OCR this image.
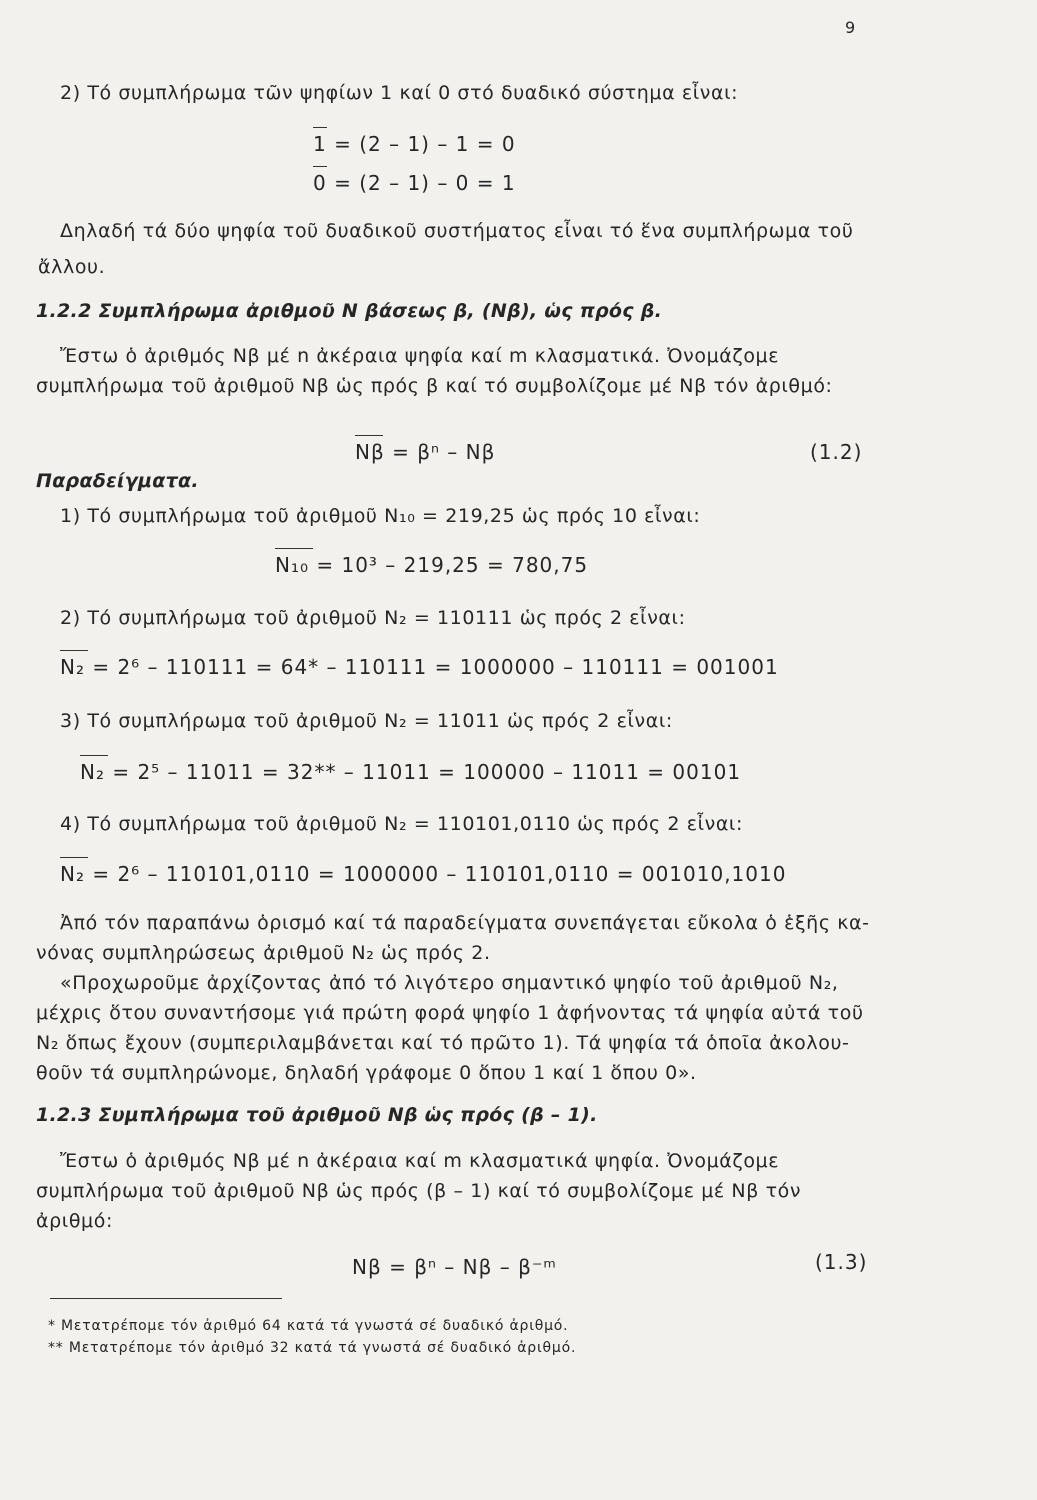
9
2) Τό συμπλήρωμα τῶν ψηφίων 1 καί 0 στό δυαδικό σύστημα εἶναι:
1 = (2 – 1) – 1 = 0
0 = (2 – 1) – 0 = 1
Δηλαδή τά δύο ψηφία τοῦ δυαδικοῦ συστήματος εἶναι τό ἕνα συμπλήρωμα τοῦ
ἄλλου.
1.2.2 Συμπλήρωμα ἀριθμοῦ N βάσεως β, (Nβ), ὡς πρός β.
Ἔστω ὁ ἀριθμός Nβ μέ n ἀκέραια ψηφία καί m κλασματικά. Ὀνομάζομε
συμπλήρωμα τοῦ ἀριθμοῦ Nβ ὡς πρός β καί τό συμβολίζομε μέ Nβ τόν ἀριθμό:
Nβ = βⁿ – Nβ	(1.2)
Παραδείγματα.
1) Τό συμπλήρωμα τοῦ ἀριθμοῦ N₁₀ = 219,25 ὡς πρός 10 εἶναι:
N₁₀ = 10³ – 219,25 = 780,75
2) Τό συμπλήρωμα τοῦ ἀριθμοῦ N₂ = 110111 ὡς πρός 2 εἶναι:
N₂ = 2⁶ – 110111 = 64* – 110111 = 1000000 – 110111 = 001001
3) Τό συμπλήρωμα τοῦ ἀριθμοῦ N₂ = 11011 ὡς πρός 2 εἶναι:
N₂ = 2⁵ – 11011 = 32** – 11011 = 100000 – 11011 = 00101
4) Τό συμπλήρωμα τοῦ ἀριθμοῦ N₂ = 110101,0110 ὡς πρός 2 εἶναι:
N₂ = 2⁶ – 110101,0110 = 1000000 – 110101,0110 = 001010,1010
Ἀπό τόν παραπάνω ὁρισμό καί τά παραδείγματα συνεπάγεται εὔκολα ὁ ἑξῆς κα-
νόνας συμπληρώσεως ἀριθμοῦ N₂ ὡς πρός 2.
«Προχωροῦμε ἀρχίζοντας ἀπό τό λιγότερο σημαντικό ψηφίο τοῦ ἀριθμοῦ N₂,
μέχρις ὅτου συναντήσομε γιά πρώτη φορά ψηφίο 1 ἀφήνοντας τά ψηφία αὐτά τοῦ
N₂ ὅπως ἔχουν (συμπεριλαμβάνεται καί τό πρῶτο 1). Τά ψηφία τά ὁποῖα ἀκολου-
θοῦν τά συμπληρώνομε, δηλαδή γράφομε 0 ὅπου 1 καί 1 ὅπου 0».
1.2.3 Συμπλήρωμα τοῦ ἀριθμοῦ Nβ ὡς πρός (β – 1).
Ἔστω ὁ ἀριθμός Nβ μέ n ἀκέραια καί m κλασματικά ψηφία. Ὀνομάζομε
συμπλήρωμα τοῦ ἀριθμοῦ Nβ ὡς πρός (β – 1) καί τό συμβολίζομε μέ Nβ τόν
ἀριθμό:
Nβ = βⁿ – Nβ – β⁻ᵐ	(1.3)
* Μετατρέπομε τόν ἀριθμό 64 κατά τά γνωστά σέ δυαδικό ἀριθμό.
** Μετατρέπομε τόν ἀριθμό 32 κατά τά γνωστά σέ δυαδικό ἀριθμό.
